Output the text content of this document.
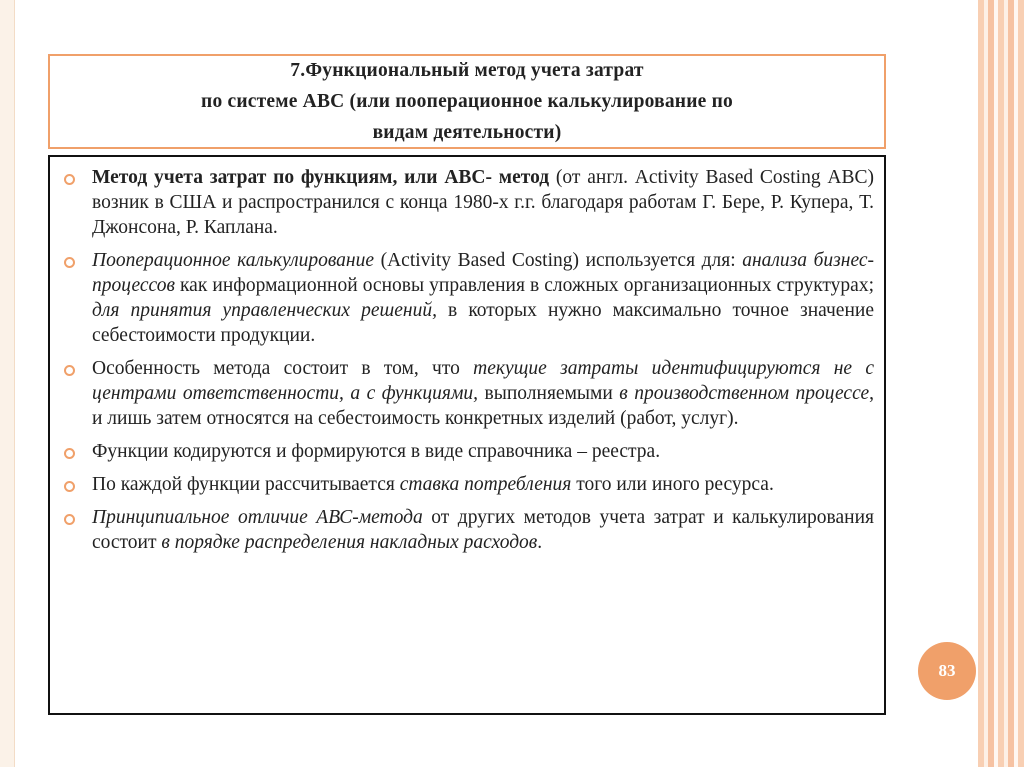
7.Функциональный метод учета затрат
по системе АВС (или пооперационное калькулирование по
видам деятельности)
Метод учета затрат по функциям, или АВС- метод (от англ. Activity Based Costing АВС) возник в США и распространился с конца 1980-х г.г. благодаря работам Г. Бере, Р. Купера, Т. Джонсона, Р. Каплана.
Пооперационное калькулирование (Activity Based Costing) используется для: анализа бизнес-процессов как информационной основы управления в сложных организационных структурах; для принятия управленческих решений, в которых нужно максимально точное значение себестоимости продукции.
Особенность метода состоит в том, что текущие затраты идентифицируются не с центрами ответственности, а с функциями, выполняемыми в производственном процессе, и лишь затем относятся на себестоимость конкретных изделий (работ, услуг).
Функции кодируются и формируются в виде справочника – реестра.
По каждой функции рассчитывается ставка потребления того или иного ресурса.
Принципиальное отличие АВС-метода от других методов учета затрат и калькулирования состоит в порядке распределения накладных расходов.
83
